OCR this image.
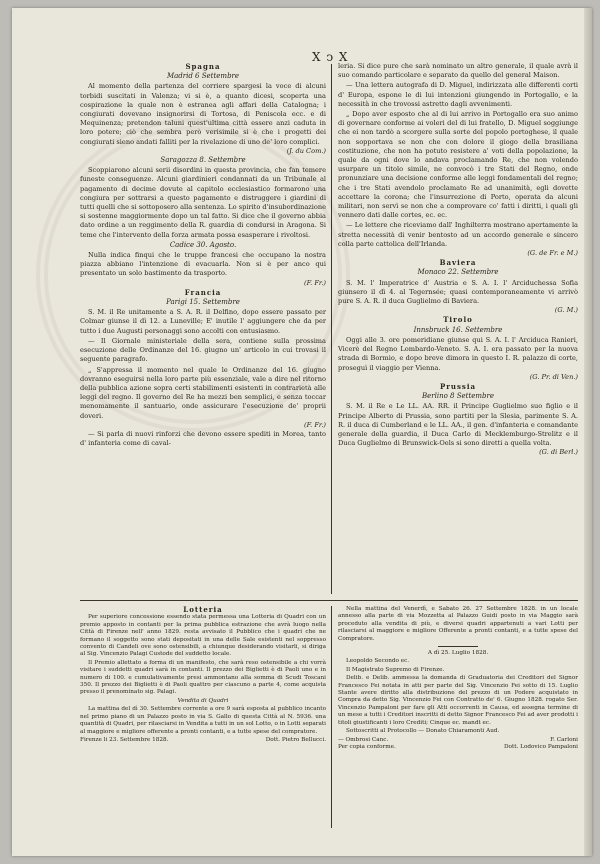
X ↄ X

Spagna

Madrid 6 Settembre

Al momento della partenza del corriere spargesi la voce di alcuni torbidi suscitati in Valenza; vi si è, a quanto dicesi, scoperta una cospirazione la quale non è estranea agli affari della Catalogna; i congiurati dovevano insignorirsi di Tortosa, di Peniscola ecc. e di Mequinenza; pretendon taluni quest'ultima città essere anzi caduta in loro potere; ciò che sembra però verisimile si è che i progetti dei congiurati sieno andati falliti per la rivelazione di uno de' loro complici.

(J. du Com.)

Saragozza 8. Settembre

Scoppiarono alcuni serii disordini in questa provincia, che fan temere funeste conseguenze. Alcuni giardinieri condannati da un Tribunale al pagamento di decime dovute al capitolo ecclesiastico formarono una congiura per sottrarsi a questo pagamento e distruggere i giardini di tutti quelli che si sottoposero alla sentenza. Lo spirito d'insubordinazione si sostenne maggiormente dopo un tal fatto. Si dice che il governo abbia dato ordine a un reggimento della R. guardia di condursi in Aragona. Si teme che l'intervento della forza armata possa esasperare i rivoltosi.

Cadice 30. Agosto.

Nulla indica finqui che le truppe francesi che occupano la nostra piazza abbiano l'intenzione di evacuarla. Non si è per anco qui presentato un solo bastimento da trasporto.

(F. Fr.)

Francia

Parigi 15. Settembre

S. M. il Re unitamente a S. A. R. il Delfino, dopo essere passato per Colmar giunse il dì 12. a Luneville; E' inutile l' aggiungere che da per tutto i due Augusti personaggi sono accolti con entusiasmo.

— Il Giornale ministeriale della sera, contiene sulla prossima esecuzione delle Ordinanze del 16. giugno un' articolo in cui trovasi il seguente paragrafo.

„ S'appressa il momento nel quale le Ordinanze del 16. giugno dovranno eseguirsi nella loro parte più essenziale, vale a dire nel ritorno della pubblica azione sopra certi stabilimenti esistenti in contrarietà alle leggi del regno. Il governo del Re ha mezzi ben semplici, e senza toccar menomamente il santuario, onde assicurare l'esecuzione de' proprii doveri.

(F. Fr.)

— Si parla di nuovi rinforzi che devono essere spediti in Morea, tanto d' infanteria come di caval-

leria. Si dice pure che sarà nominato un altro generale, il quale avrà il suo comando particolare e separato da quello del general Maison.

— Una lettera autografa di D. Miguel, indirizzata alle differenti corti d' Europa, espone le di lui intenzioni giungendo in Portogallo, e la necessità in che trovossi astretto dagli avvenimenti.

„ Dopo aver esposto che al di lui arrivo in Portogallo era suo animo di governare conforme ai voleri del di lui fratello, D. Miguel soggiunge che ei non tardò a scorgere sulla sorte del popolo portoghese, il quale non sopportava se non che con dolore il giogo della brasiliana costituzione, che non ha potuto resistere a' voti della popolazione, la quale da ogni dove lo andava proclamando Re, che non volendo usurpare un titolo simile, ne convocò i tre Stati del Regno, onde pronunziare una decisione conforme alle leggi fondamentali del regno; che i tre Stati avendolo proclamato Re ad unanimità, egli dovette accettare la corona; che l'insurrezione di Porto, operata da alcuni militari, non servì se non che a comprovare co' fatti i diritti, i quali gli vennero dati dalle cortes, ec. ec.

— Le lettere che riceviamo dall' Inghilterra mostrano apertamente la stretta necessità di venir bentosto ad un accordo generale e sincero colla parte cattolica dell'Irlanda.

(G. de Fr. e M.)

Baviera

Monaco 22. Settembre

S. M. l' Imperatrice d' Austria e S. A. I. l' Arciduchessa Sofia giunsero il dì 4. al Tegernsée; quasi contemporaneamente vi arrivò pure S. A. R. il duca Guglielmo di Baviera.

(G. M.)

Tirolo

Innsbruck 16. Settembre

Oggi alle 3. ore pomeridiane giunse qui S. A. I. l' Arciduca Ranieri, Vicerè del Regno Lombardo-Veneto. S. A. I. era passato per la nuova strada di Bormio, e dopo breve dimora in questo I. R. palazzo di corte, proseguì il viaggio per Vienna.

(G. Pr. di Ven.)

Prussia

Berlino 8 Settembre

S. M. il Re e Le LL. AA. RR. il Principe Guglielmo suo figlio e il Principe Alberto di Prussia, sono partiti per la Slesia, parimente S. A. R. il duca di Cumberland e le LL. AA., il gen. d'infanteria e comandante generale della guardia, il Duca Carlo di Mecklemburgo-Strelitz e il Duca Guglielmo di Brunswick-Oels si sono diretti a quella volta.

(G. di Berl.)

Lotteria

Per superiore concessione essendo stata permessa una Lotteria di Quadri con un premio apposto in contanti per la prima pubblica estrazione che avrà luogo nella Città di Firenze nell' anno 1829. resta avvisato il Pubblico che i quadri che ne formano il soggetto sono stati depositati in una delle Sale esistenti nel soppresso convento di Candeli ove sono ostensibili, a chiunque desiderando visitarli, si diriga al Sig. Vincenzio Palagi Custode del suddetto locale.

Il Premio allettato a forma di un manifesto, che sarà reso ostensibile a chi vorrà visitare i suddetti quadri sarà in contanti. Il prezzo dei Biglietti è di Paoli uno e in numero di 100. e cumulativamente presi ammontano alla somma di Scudi Toscani 350. Il prezzo dei Biglietti è di Paoli quattro per ciascuno a parte 4, come acquista presso il prenominato sig. Palagi.

Vendita di Quadri

La mattina del dì 30. Settembre corrente a ore 9 sarà esposta al pubblico incanto nel primo piano di un Palazzo posto in via S. Gallo di questa Città al N. 5936. una quantità di Quadri, per rilasciarsi in Vendita a tutti in un sol Lotto, o in Lotti separati al maggiore e migliore offerente a pronti contanti, e a tutte spese del compratore.

Firenze li 23. Settembre 1828.	Dott. Pietro Bellucci.

Nella mattina del Venerdì, e Sabato 26. 27 Settembre 1828. in un locale annesso alla parte di via Mozzetta al Palazzo Guidi posto in via Maggio sarà proceduto alla vendita di più, e diversi quadri appartenuti a vari Lotti per rilasciarsi al maggiore e migliore Offerente a pronti contanti, e a tutte spese del Compratore.

A dì 25. Luglio 1828.

Leopoldo Secondo ec.

Il Magistrato Supremo di Firenze.

Delib. e Delib. ammessa la domanda di Graduatoria dei Creditori del Signor Francesco Fei notata in atti per parte del Sig. Vincenzio Fei sotto di 15. Luglio Stante avere diritto alla distribuzione del prezzo di un Podere acquistato in Compra da detto Sig. Vincenzio Fei con Contratto de' 6. Giugno 1828. rogato Ser. Vincenzio Pampaloni per fare gli Atti occorrenti in Causa, ed assegna termine di un mese a tutti i Creditori inscritti di detto Signor Francesco Fei ad aver prodotti i titoli giustificanti i loro Crediti; Cinque ec. mandt ec.

Sottoscritti al Protocollo — Donato Chiaramonti Aud.

— Ombrosi Canc.	F. Carloni
Per copia conforme.	Dott. Lodovico Pampaloni
